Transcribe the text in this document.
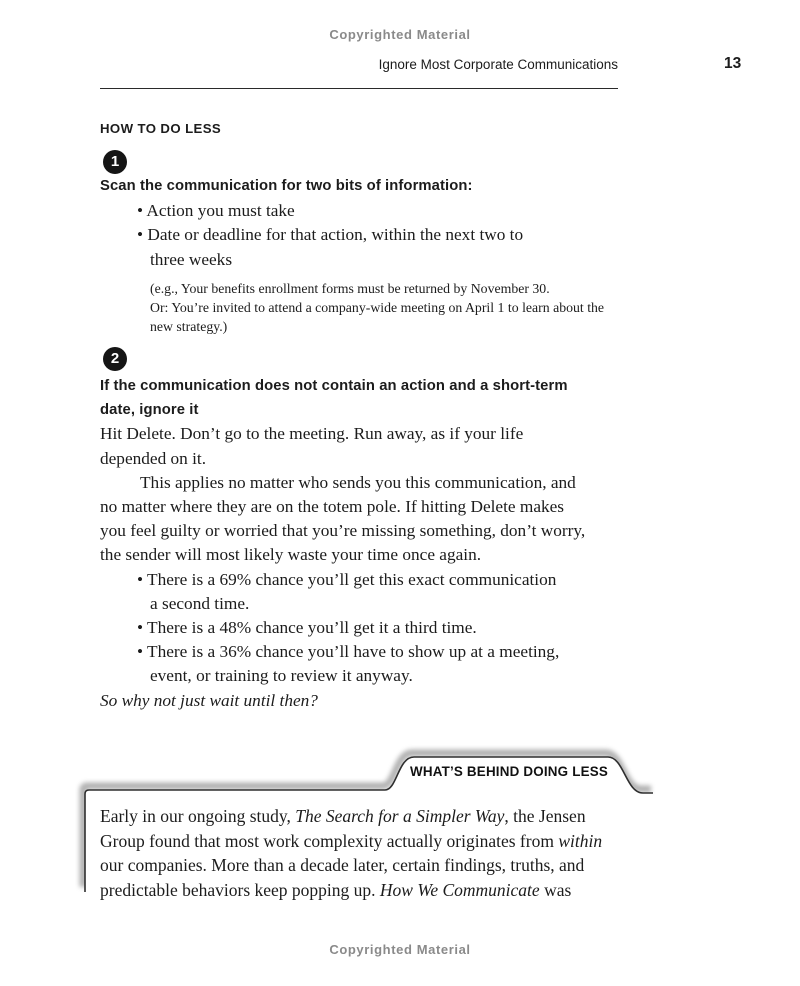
Copyrighted Material
Ignore Most Corporate Communications	13
HOW TO DO LESS
1
Scan the communication for two bits of information:
• Action you must take
• Date or deadline for that action, within the next two to
three weeks
(e.g., Your benefits enrollment forms must be returned by November 30.
Or: You’re invited to attend a company-wide meeting on April 1 to learn about the
new strategy.)
2
If the communication does not contain an action and a short-term
date, ignore it
Hit Delete. Don’t go to the meeting. Run away, as if your life
depended on it.
This applies no matter who sends you this communication, and
no matter where they are on the totem pole. If hitting Delete makes
you feel guilty or worried that you’re missing something, don’t worry,
the sender will most likely waste your time once again.
• There is a 69% chance you’ll get this exact communication
a second time.
• There is a 48% chance you’ll get it a third time.
• There is a 36% chance you’ll have to show up at a meeting,
event, or training to review it anyway.
So why not just wait until then?
WHAT’S BEHIND DOING LESS
Early in our ongoing study, The Search for a Simpler Way, the Jensen
Group found that most work complexity actually originates from within
our companies. More than a decade later, certain findings, truths, and
predictable behaviors keep popping up. How We Communicate was
Copyrighted Material
